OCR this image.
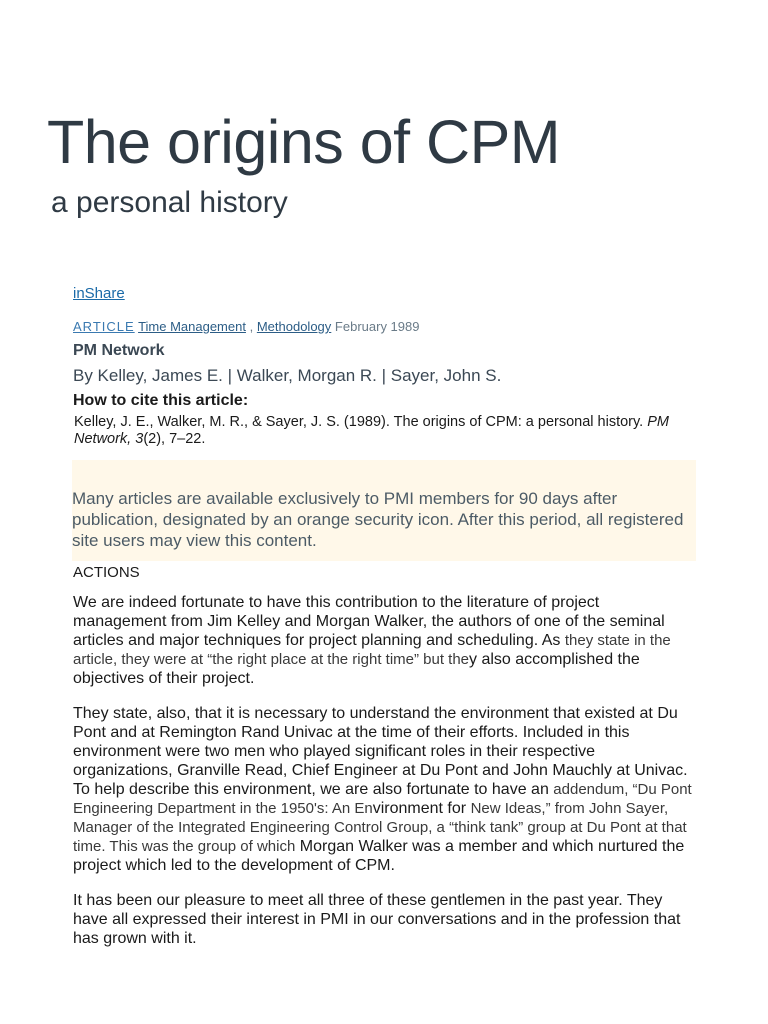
The origins of CPM
a personal history
inShare
ARTICLE Time Management , Methodology February 1989
PM Network
By Kelley, James E. | Walker, Morgan R. | Sayer, John S.
How to cite this article:
Kelley, J. E., Walker, M. R., & Sayer, J. S. (1989). The origins of CPM: a personal history. PM Network, 3(2), 7–22.
Many articles are available exclusively to PMI members for 90 days after publication, designated by an orange security icon. After this period, all registered site users may view this content.
ACTIONS

We are indeed fortunate to have this contribution to the literature of project management from Jim Kelley and Morgan Walker, the authors of one of the seminal articles and major techniques for project planning and scheduling. As they state in the article, they were at “the right place at the right time” but they also accomplished the objectives of their project.

They state, also, that it is necessary to understand the environment that existed at Du Pont and at Remington Rand Univac at the time of their efforts. Included in this environment were two men who played significant roles in their respective organizations, Granville Read, Chief Engineer at Du Pont and John Mauchly at Univac. To help describe this environment, we are also fortunate to have an addendum, “Du Pont Engineering Department in the 1950's: An Environment for New Ideas,” from John Sayer, Manager of the Integrated Engineering Control Group, a “think tank” group at Du Pont at that time. This was the group of which Morgan Walker was a member and which nurtured the project which led to the development of CPM.

It has been our pleasure to meet all three of these gentlemen in the past year. They have all expressed their interest in PMI in our conversations and in the profession that has grown with it.
